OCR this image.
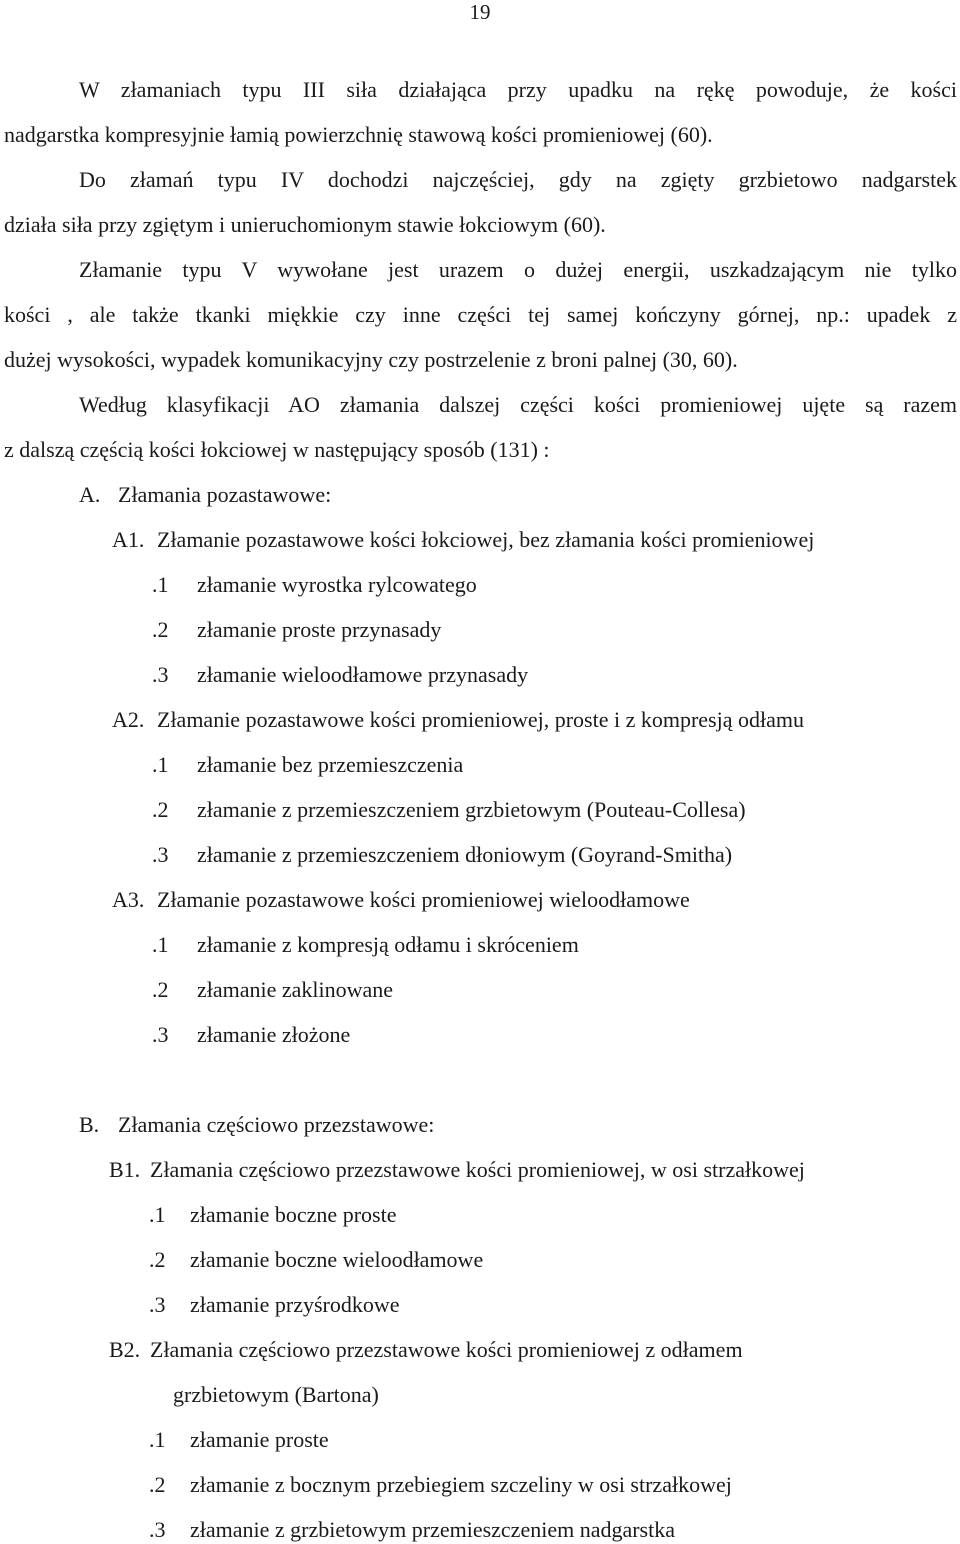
19
W złamaniach typu III siła działająca przy upadku na rękę powoduje, że kości
nadgarstka kompresyjnie łamią powierzchnię stawową kości promieniowej (60).
Do złamań typu IV dochodzi najczęściej, gdy na zgięty grzbietowo nadgarstek
działa siła przy zgiętym i unieruchomionym stawie łokciowym (60).
Złamanie typu V wywołane jest urazem o dużej energii, uszkadzającym nie tylko
kości , ale także tkanki miękkie czy inne części tej samej kończyny górnej, np.: upadek z
dużej wysokości, wypadek komunikacyjny czy postrzelenie z broni palnej (30, 60).
Według klasyfikacji AO złamania dalszej części kości promieniowej ujęte są razem
z dalszą częścią kości łokciowej w następujący sposób (131) :
A. Złamania pozastawowe:
A1. Złamanie pozastawowe kości łokciowej, bez złamania kości promieniowej
.1 złamanie wyrostka rylcowatego
.2 złamanie proste przynasady
.3 złamanie wieloodłamowe przynasady
A2. Złamanie pozastawowe kości promieniowej, proste i z kompresją odłamu
.1 złamanie bez przemieszczenia
.2 złamanie z przemieszczeniem grzbietowym (Pouteau-Collesa)
.3 złamanie z przemieszczeniem dłoniowym (Goyrand-Smitha)
A3. Złamanie pozastawowe kości promieniowej wieloodłamowe
.1 złamanie z kompresją odłamu i skróceniem
.2 złamanie zaklinowane
.3 złamanie złożone
B. Złamania częściowo przezstawowe:
B1. Złamania częściowo przezstawowe kości promieniowej, w osi strzałkowej
.1 złamanie boczne proste
.2 złamanie boczne wieloodłamowe
.3 złamanie przyśrodkowe
B2. Złamania częściowo przezstawowe kości promieniowej z odłamem
grzbietowym (Bartona)
.1 złamanie proste
.2 złamanie z bocznym przebiegiem szczeliny w osi strzałkowej
.3 złamanie z grzbietowym przemieszczeniem nadgarstka
